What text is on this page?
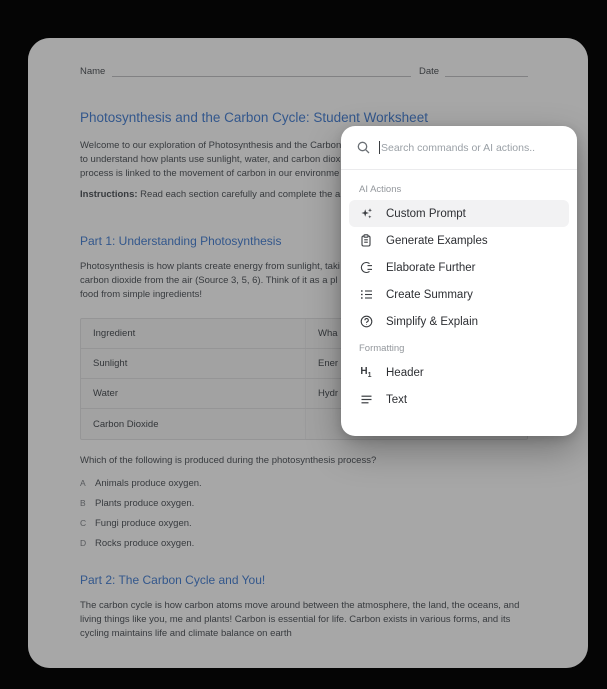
Name	Date
Photosynthesis and the Carbon Cycle: Student Worksheet
Welcome to our exploration of Photosynthesis and the Carbon
to understand how plants use sunlight, water, and carbon diox
process is linked to the movement of carbon in our environme
Instructions: Read each section carefully and complete the a
Part 1: Understanding Photosynthesis
Photosynthesis is how plants create energy from sunlight, taki
carbon dioxide from the air (Source 3, 5, 6). Think of it as a pl
food from simple ingredients!
Ingredient	Wha
Sunlight	Ener
Water	Hydr
Carbon Dioxide
Which of the following is produced during the photosynthesis process?
A Animals produce oxygen.
B Plants produce oxygen.
C Fungi produce oxygen.
D Rocks produce oxygen.
Part 2: The Carbon Cycle and You!
The carbon cycle is how carbon atoms move around between the atmosphere, the land, the oceans, and
living things like you, me and plants! Carbon is essential for life. Carbon exists in various forms, and its
cycling maintains life and climate balance on earth
Search commands or AI actions..
AI Actions
Custom Prompt
Generate Examples
Elaborate Further
Create Summary
Simplify & Explain
Formatting
$H_1$ Header
Text
